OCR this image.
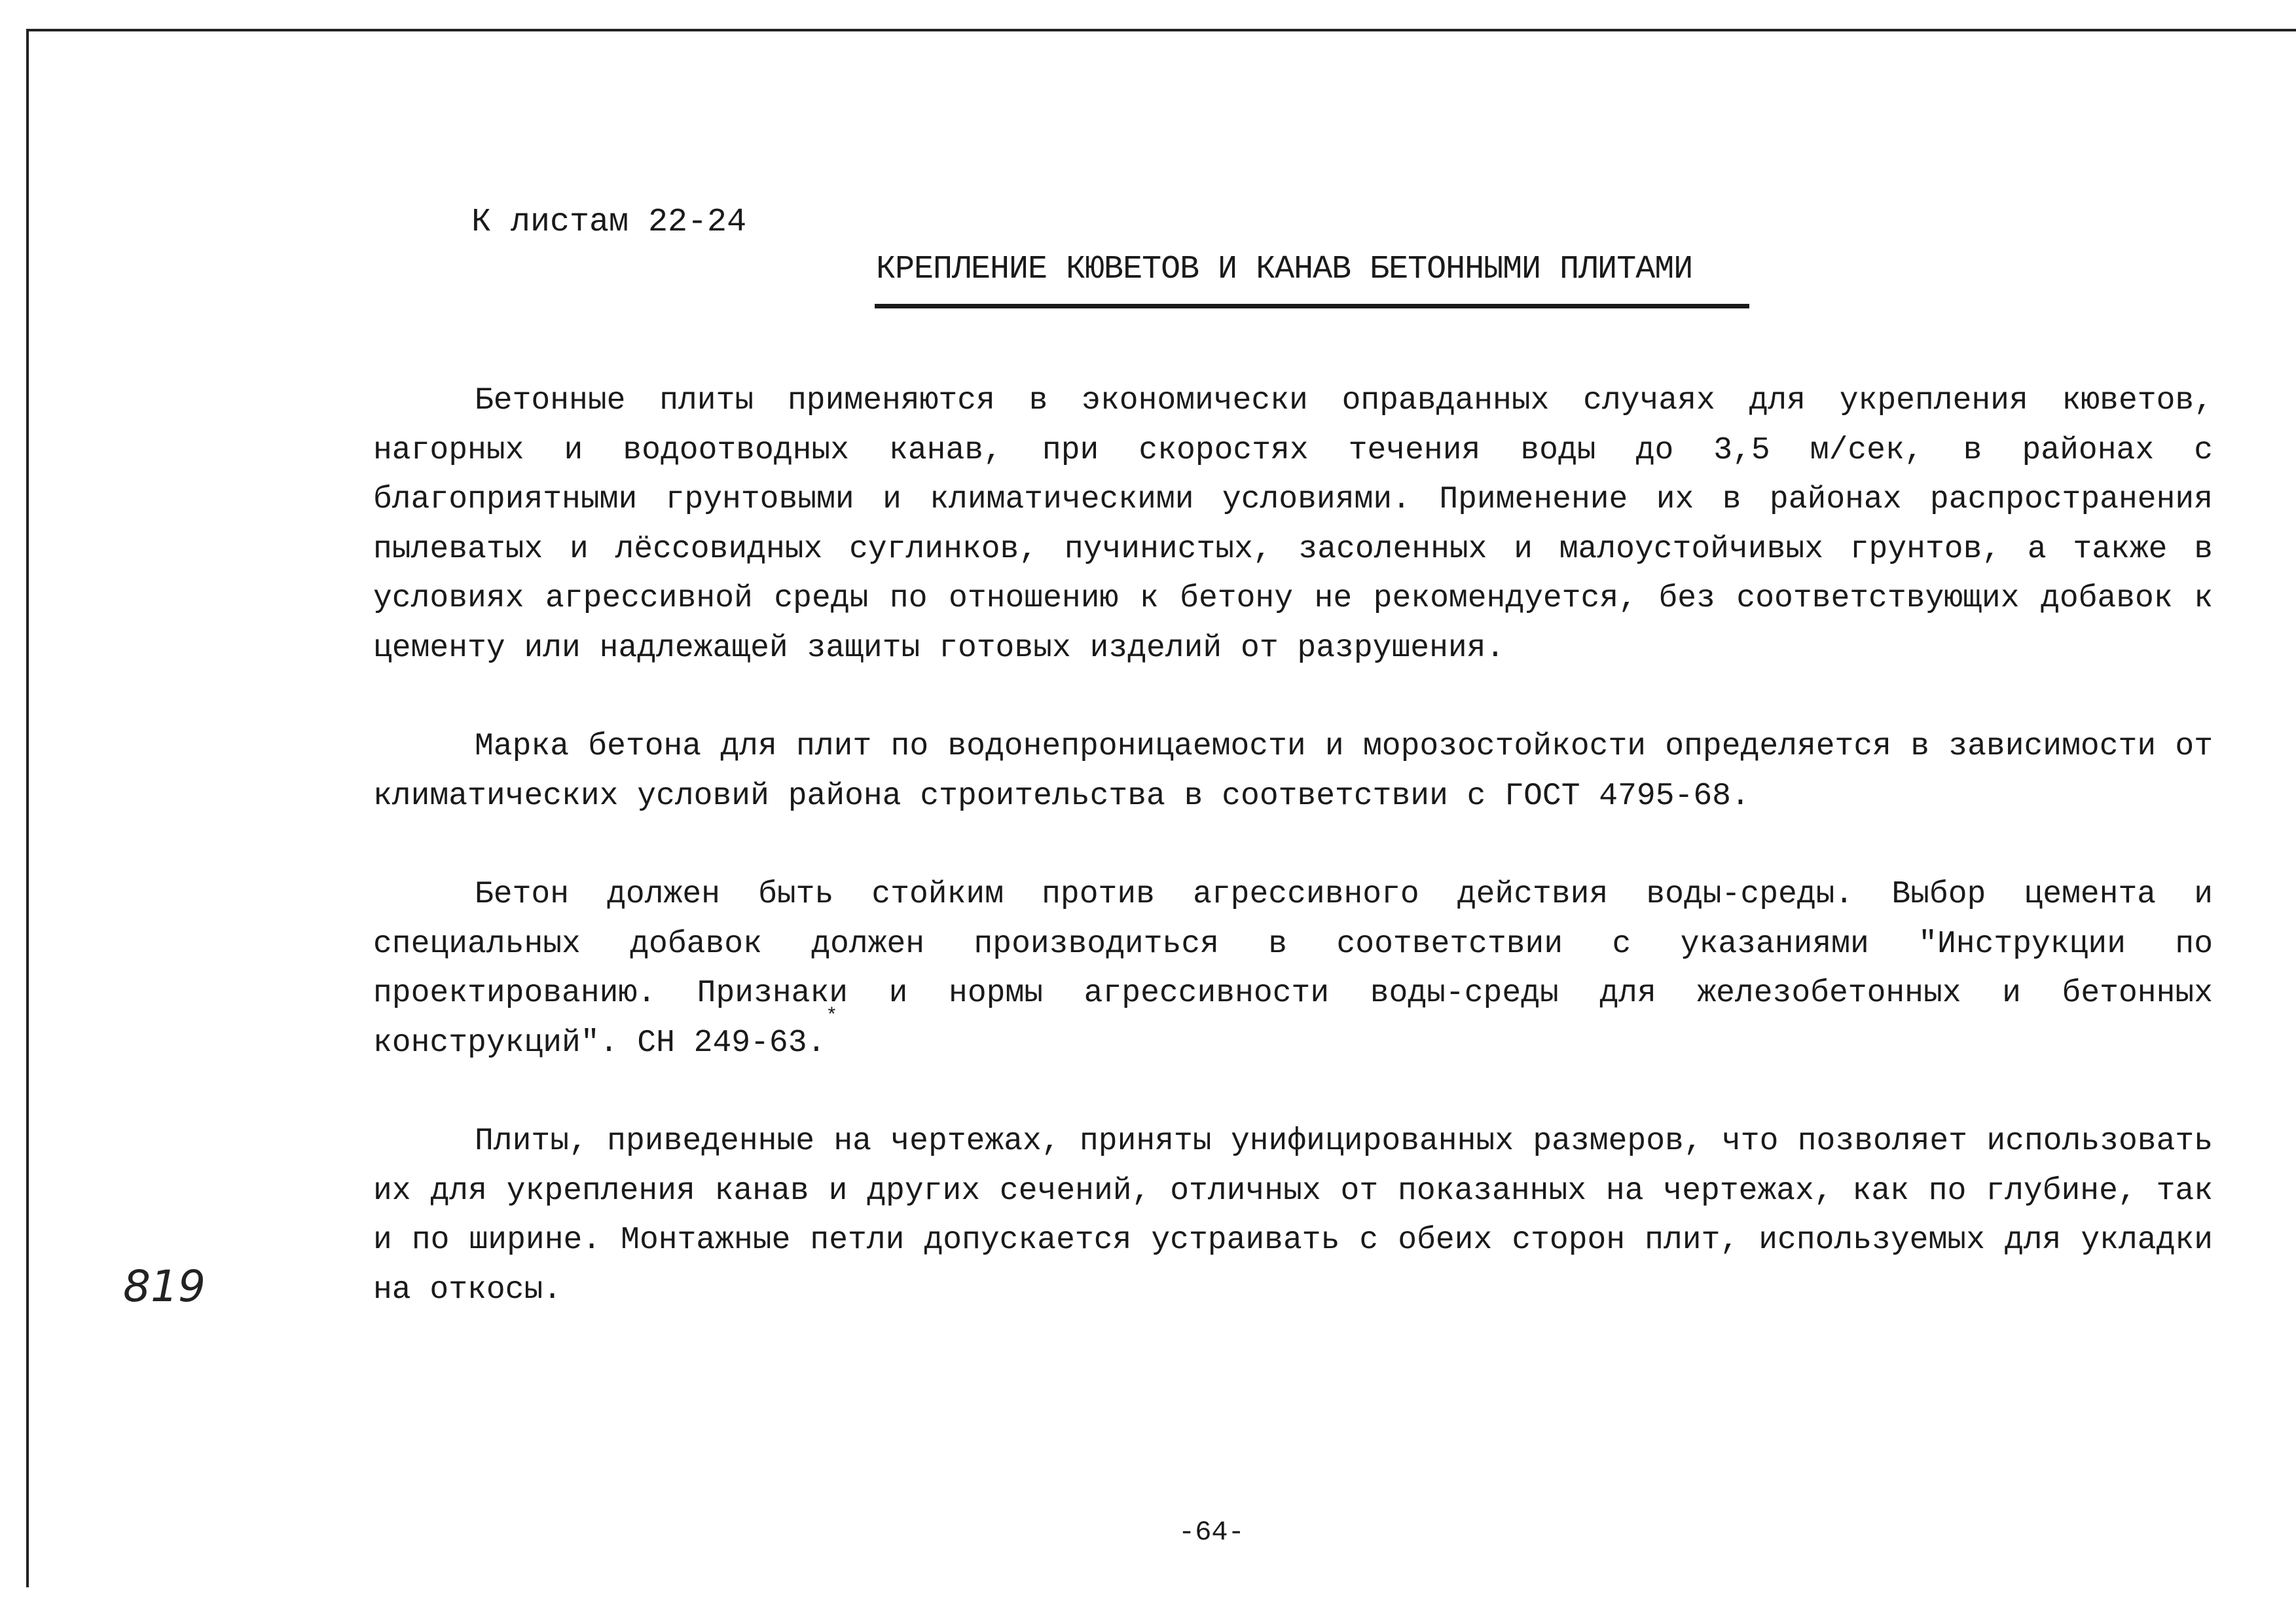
К листам 22-24
КРЕПЛЕНИЕ КЮВЕТОВ И КАНАВ БЕТОННЫМИ ПЛИТАМИ

Бетонные плиты применяются в экономически оправданных случаях для укрепления кюветов, нагорных и водоотводных канав, при скоростях течения воды до 3,5 м/сек, в районах с благоприятными грунтовыми и климатическими условиями. Применение их в районах распространения пылеватых и лёссовидных суглинков, пучинистых, засоленных и малоустойчивых грунтов, а также в условиях агрессивной среды по отношению к бетону не рекомендуется, без соответствующих добавок к цементу или надлежащей защиты готовых изделий от разрушения.

Марка бетона для плит по водонепроницаемости и морозостойкости определяется в зависимости от климатических условий района строительства в соответствии с ГОСТ 4795-68.

Бетон должен быть стойким против агрессивного действия воды-среды. Выбор цемента и специальных добавок должен производиться в соответствии с указаниями "Инструкции по проектированию. Признаки и нормы агрессивности воды-среды для железобетонных и бетонных конструкций". СН 249-63.*

Плиты, приведенные на чертежах, приняты унифицированных размеров, что позволяет использовать их для укрепления канав и других сечений, отличных от показанных на чертежах, как по глубине, так и по ширине. Монтажные петли допускается устраивать с обеих сторон плит, используемых для укладки на откосы.

819
-64-
